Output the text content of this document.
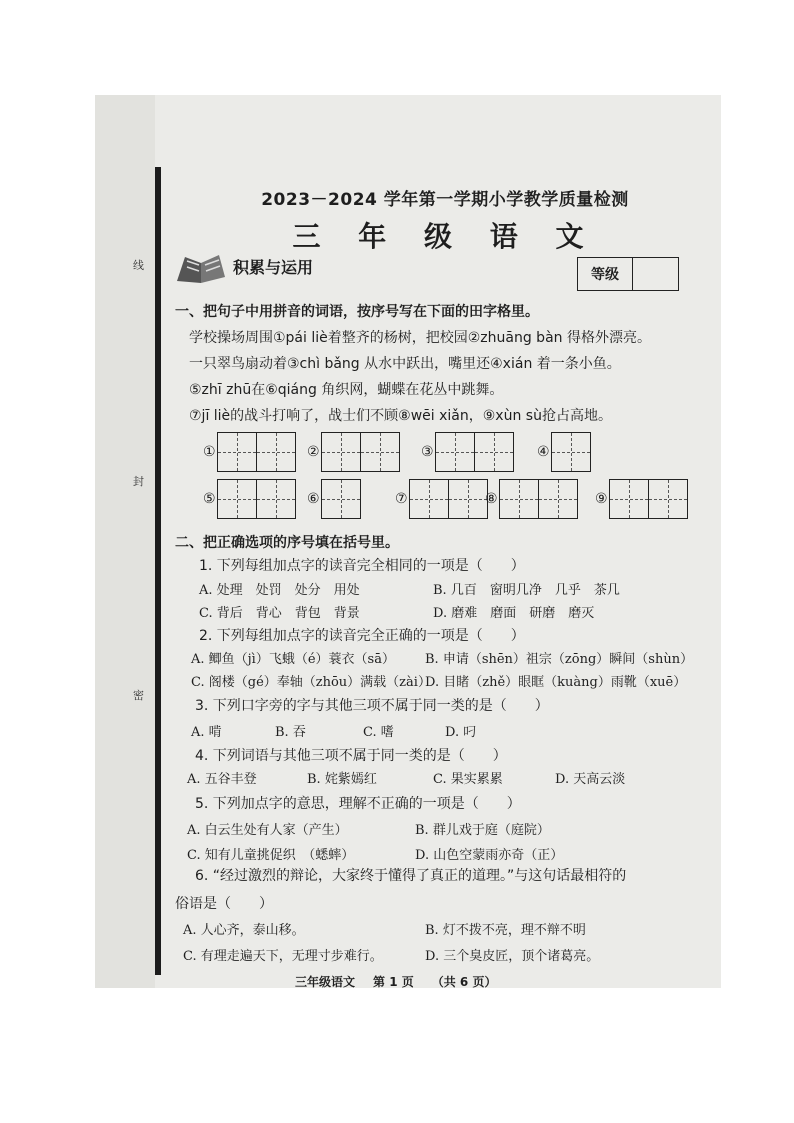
线
封
密
2023－2024 学年第一学期小学教学质量检测
三 年 级 语 文
积累与运用	等级
一、把句子中用拼音的词语，按序号写在下面的田字格里。
学校操场周围①pái liè着整齐的杨树，把校园②zhuāng bàn 得格外漂亮。
一只翠鸟扇动着③chì bǎng 从水中跃出，嘴里还④xián 着一条小鱼。
⑤zhī zhū在⑥qiáng 角织网，蝴蝶在花丛中跳舞。
⑦jī liè的战斗打响了，战士们不顾⑧wēi xiǎn，⑨xùn sù抢占高地。
①	②	③	④
⑤	⑥	⑦	⑧	⑨
二、把正确选项的序号填在括号里。
1. 下列每组加点字的读音完全相同的一项是（　　）
A. 处理　处罚　处分　用处	B. 几百　窗明几净　几乎　茶几
C. 背后　背心　背包　背景	D. 磨难　磨面　研磨　磨灭
2. 下列每组加点字的读音完全正确的一项是（　　）
A. 鲫鱼（jì）飞蛾（é）蓑衣（sā） B. 申请（shēn）祖宗（zōng）瞬间（shùn）
C. 阁楼（gé）奉轴（zhōu）满载（zài）
D. 目睹（zhě）眼眶（kuàng）雨靴（xuē）
3. 下列口字旁的字与其他三项不属于同一类的是（　　）
A. 啃	B. 吞	C. 嗜	D. 叼
4. 下列词语与其他三项不属于同一类的是（　　）
A. 五谷丰登	B. 姹紫嫣红	C. 果实累累	D. 天高云淡
5. 下列加点字的意思，理解不正确的一项是（　　）
A. 白云生处有人家（产生）	B. 群儿戏于庭（庭院）
C. 知有儿童挑促织　（蟋蟀）	D. 山色空蒙雨亦奇（正）
6. “经过激烈的辩论，大家终于懂得了真正的道理。”与这句话最相符的
俗语是（　　）
A. 人心齐，泰山移。	B. 灯不拨不亮，理不辩不明
C. 有理走遍天下，无理寸步难行。	D. 三个臭皮匠，顶个诸葛亮。
三年级语文 第 1 页 （共 6 页）
